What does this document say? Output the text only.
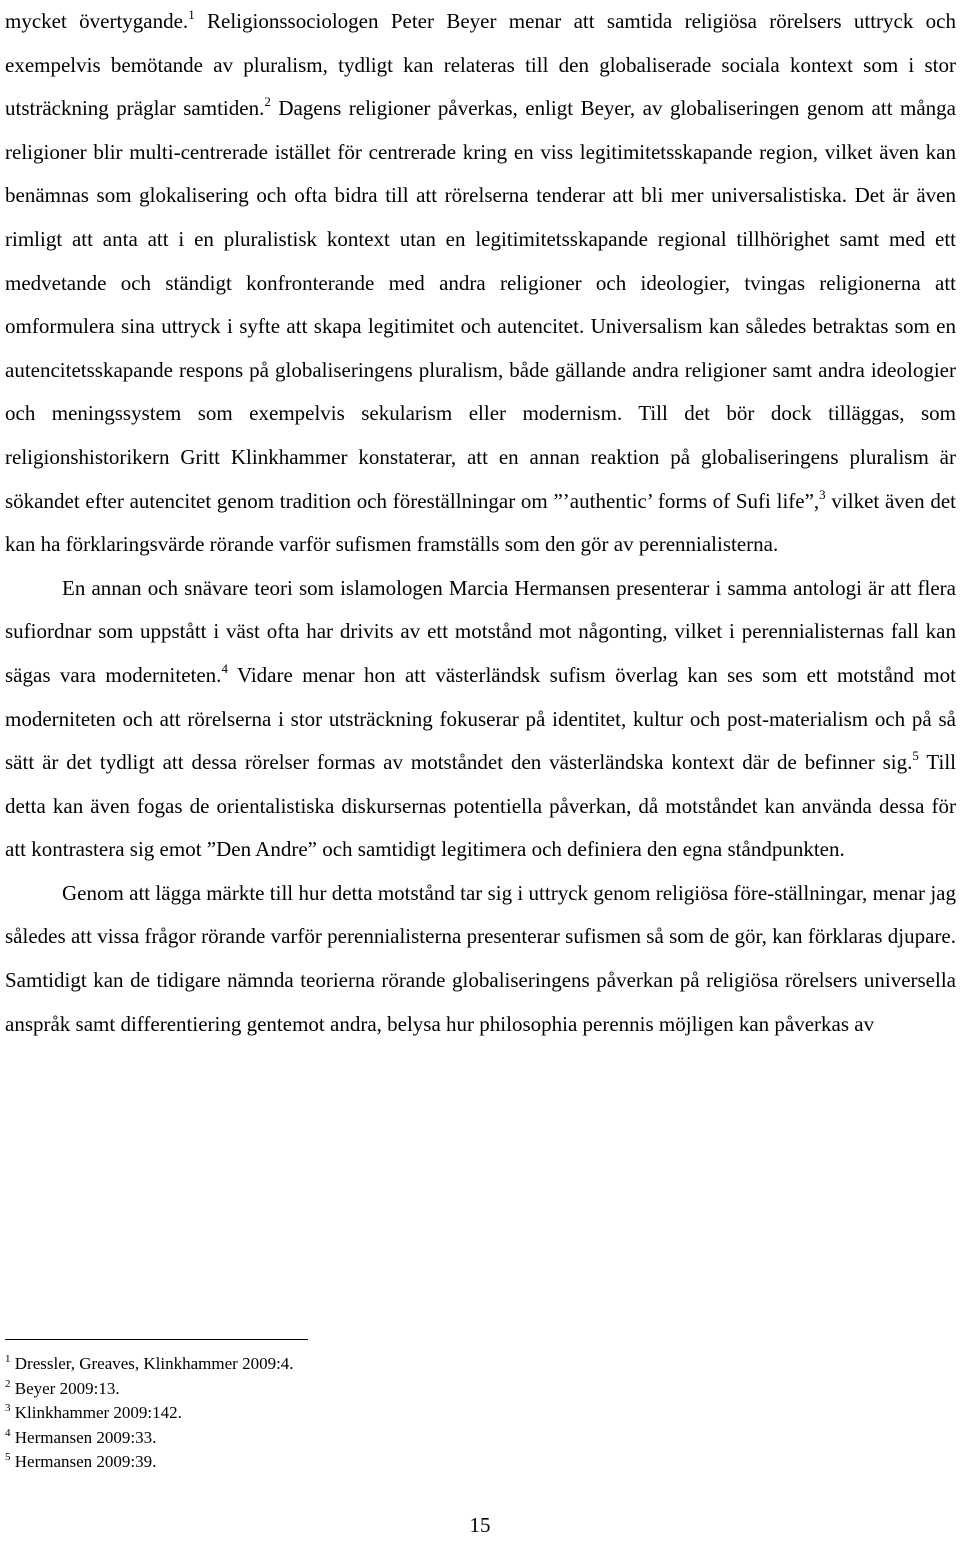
mycket övertygande.$^1$ Religionssociologen Peter Beyer menar att samtida religiösa rörelsers uttryck och exempelvis bemötande av pluralism, tydligt kan relateras till den globaliserade sociala kontext som i stor utsträckning präglar samtiden.$^2$ Dagens religioner påverkas, enligt Beyer, av globaliseringen genom att många religioner blir multi-centrerade istället för centrerade kring en viss legitimitetsskapande region, vilket även kan benämnas som glokalisering och ofta bidra till att rörelserna tenderar att bli mer universalistiska. Det är även rimligt att anta att i en pluralistisk kontext utan en legitimitetsskapande regional tillhörighet samt med ett medvetande och ständigt konfronterande med andra religioner och ideologier, tvingas religionerna att omformulera sina uttryck i syfte att skapa legitimitet och autencitet. Universalism kan således betraktas som en autencitetsskapande respons på globaliseringens pluralism, både gällande andra religioner samt andra ideologier och meningssystem som exempelvis sekularism eller modernism. Till det bör dock tilläggas, som religionshistorikern Gritt Klinkhammer konstaterar, att en annan reaktion på globaliseringens pluralism är sökandet efter autencitet genom tradition och föreställningar om ”’authentic’ forms of Sufi life”,$^3$ vilket även det kan ha förklaringsvärde rörande varför sufismen framställs som den gör av perennialisterna.

En annan och snävare teori som islamologen Marcia Hermansen presenterar i samma antologi är att flera sufiordnar som uppstått i väst ofta har drivits av ett motstånd mot någonting, vilket i perennialisternas fall kan sägas vara moderniteten.$^4$ Vidare menar hon att västerländsk sufism överlag kan ses som ett motstånd mot moderniteten och att rörelserna i stor utsträckning fokuserar på identitet, kultur och post-materialism och på så sätt är det tydligt att dessa rörelser formas av motståndet den västerländska kontext där de befinner sig.$^5$ Till detta kan även fogas de orientalistiska diskursernas potentiella påverkan, då motståndet kan använda dessa för att kontrastera sig emot ”Den Andre” och samtidigt legitimera och definiera den egna ståndpunkten.

Genom att lägga märkte till hur detta motstånd tar sig i uttryck genom religiösa före-ställningar, menar jag således att vissa frågor rörande varför perennialisterna presenterar sufismen så som de gör, kan förklaras djupare. Samtidigt kan de tidigare nämnda teorierna rörande globaliseringens påverkan på religiösa rörelsers universella anspråk samt differentiering gentemot andra, belysa hur philosophia perennis möjligen kan påverkas av

$^1$ Dressler, Greaves, Klinkhammer 2009:4.

$^2$ Beyer 2009:13.

$^3$ Klinkhammer 2009:142.

$^4$ Hermansen 2009:33.

$^5$ Hermansen 2009:39.

15
